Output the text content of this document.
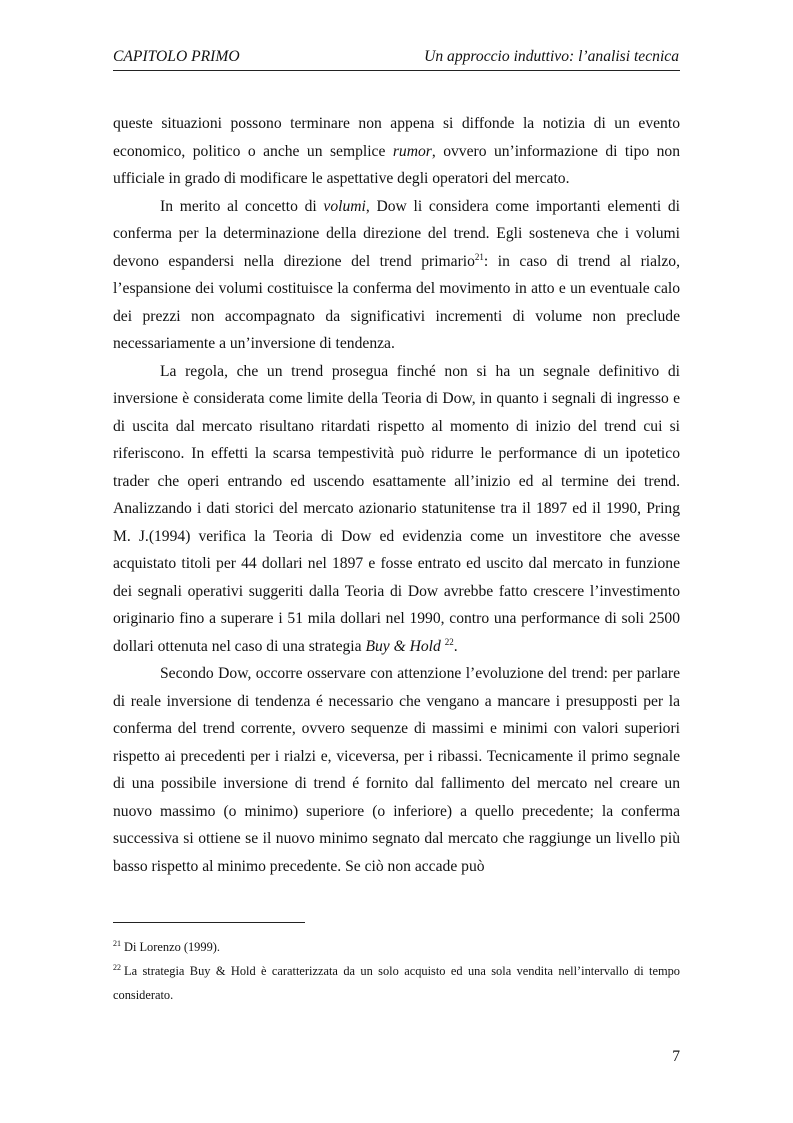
CAPITOLO PRIMO	Un approccio induttivo: l’analisi tecnica

queste situazioni possono terminare non appena si diffonde la notizia di un evento economico, politico o anche un semplice rumor, ovvero un’informazione di tipo non ufficiale in grado di modificare le aspettative degli operatori del mercato.

In merito al concetto di volumi, Dow li considera come importanti elementi di conferma per la determinazione della direzione del trend. Egli sosteneva che i volumi devono espandersi nella direzione del trend primario$^{21}$: in caso di trend al rialzo, l’espansione dei volumi costituisce la conferma del movimento in atto e un eventuale calo dei prezzi non accompagnato da significativi incrementi di volume non preclude necessariamente a un’inversione di tendenza.

La regola, che un trend prosegua finché non si ha un segnale definitivo di inversione è considerata come limite della Teoria di Dow, in quanto i segnali di ingresso e di uscita dal mercato risultano ritardati rispetto al momento di inizio del trend cui si riferiscono. In effetti la scarsa tempestività può ridurre le performance di un ipotetico trader che operi entrando ed uscendo esattamente all’inizio ed al termine dei trend. Analizzando i dati storici del mercato azionario statunitense tra il 1897 ed il 1990, Pring M. J.(1994) verifica la Teoria di Dow ed evidenzia come un investitore che avesse acquistato titoli per 44 dollari nel 1897 e fosse entrato ed uscito dal mercato in funzione dei segnali operativi suggeriti dalla Teoria di Dow avrebbe fatto crescere l’investimento originario fino a superare i 51 mila dollari nel 1990, contro una performance di soli 2500 dollari ottenuta nel caso di una strategia Buy & Hold $^{22}$.

Secondo Dow, occorre osservare con attenzione l’evoluzione del trend: per parlare di reale inversione di tendenza é necessario che vengano a mancare i presupposti per la conferma del trend corrente, ovvero sequenze di massimi e minimi con valori superiori rispetto ai precedenti per i rialzi e, viceversa, per i ribassi. Tecnicamente il primo segnale di una possibile inversione di trend é fornito dal fallimento del mercato nel creare un nuovo massimo (o minimo) superiore (o inferiore) a quello precedente; la conferma successiva si ottiene se il nuovo minimo segnato dal mercato che raggiunge un livello più basso rispetto al minimo precedente. Se ciò non accade può

$^{21}$ Di Lorenzo (1999).

$^{22}$ La strategia Buy & Hold è caratterizzata da un solo acquisto ed una sola vendita nell’intervallo di tempo considerato.

7
